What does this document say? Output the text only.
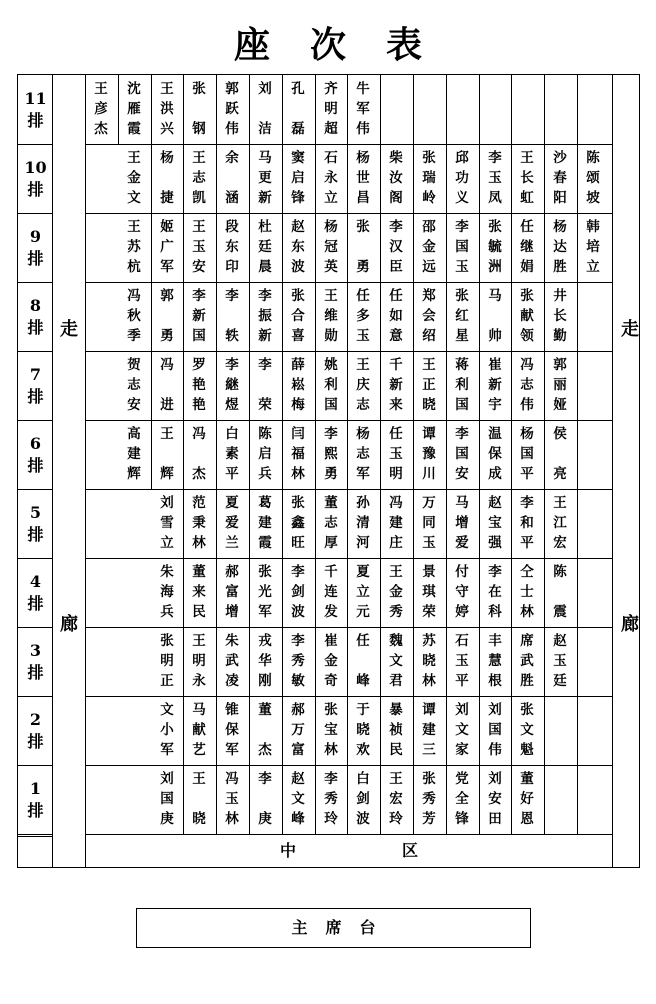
座次表
11
排
王
彦
杰
沈
雁
霞
王
洪
兴
张
钢
郭
跃
伟
刘
洁
孔
磊
齐
明
超
牛
军
伟
10
排
王
金
文
杨
捷
王
志
凯
余
涵
马
更
新
窦
启
锋
石
永
立
杨
世
昌
柴
汝
阁
张
瑞
岭
邱
功
义
李
玉
凤
王
长
虹
沙
春
阳
陈
颂
坡
9
排
王
苏
杭
姬
广
军
王
玉
安
段
东
印
杜
廷
晨
赵
东
波
杨
冠
英
张
勇
李
汉
臣
邵
金
远
李
国
玉
张
毓
洲
任
继
娟
杨
达
胜
韩
培
立
8
排
冯
秋
季
郭
勇
李
新
国
李
轶
李
振
新
张
合
喜
王
维
勋
任
多
玉
任
如
意
郑
会
绍
张
红
星
马
帅
张
献
领
井
长
勤
7
排
贺
志
安
冯
进
罗
艳
艳
李
継
煜
李
荣
薛
崧
梅
姚
利
国
王
庆
志
千
新
来
王
正
晓
蒋
利
国
崔
新
宇
冯
志
伟
郭
丽
娅
6
排
高
建
辉
王
辉
冯
杰
白
素
平
陈
启
兵
闫
福
林
李
熙
勇
杨
志
军
任
玉
明
谭
豫
川
李
国
安
温
保
成
杨
国
平
侯
亮
5
排
刘
雪
立
范
秉
林
夏
爱
兰
葛
建
霞
张
鑫
旺
董
志
厚
孙
清
河
冯
建
庄
万
同
玉
马
增
爱
赵
宝
强
李
和
平
王
江
宏
4
排
朱
海
兵
董
来
民
郝
富
增
张
光
军
李
剑
波
千
连
发
夏
立
元
王
金
秀
景
琪
荣
付
守
婷
李
在
科
仝
士
林
陈
震
3
排
张
明
正
王
明
永
朱
武
凌
戎
华
刚
李
秀
敏
崔
金
奇
任
峰
魏
文
君
苏
晓
林
石
玉
平
丰
慧
根
席
武
胜
赵
玉
廷
2
排
文
小
军
马
献
艺
锥
保
军
董
杰
郝
万
富
张
宝
林
于
晓
欢
暴
祯
民
谭
建
三
刘
文
家
刘
国
伟
张
文
魁
1
排
刘
国
庚
王
晓
冯
玉
林
李
庚
赵
文
峰
李
秀
玲
白
剑
波
王
宏
玲
张
秀
芳
党
全
锋
刘
安
田
董
好
恩
走
廊
走
廊
中	区
主席台
